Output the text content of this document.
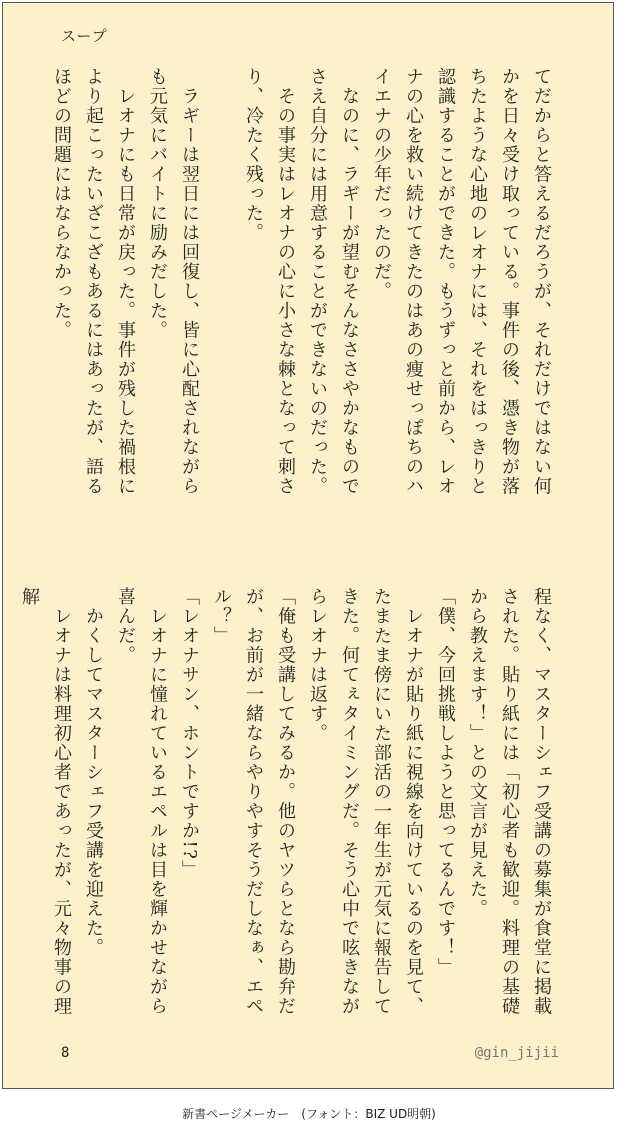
スープ

てだからと答えるだろうが、それだけではない何かを日々受け取っている。事件の後、憑き物が落ちたような心地のレオナには、それをはっきりと認識することができた。もうずっと前から、レオナの心を救い続けてきたのはあの痩せっぽちのハイエナの少年だったのだ。

　なのに、ラギーが望むそんなささやかなものでさえ自分には用意することができないのだった。

　その事実はレオナの心に小さな棘となって刺さり、冷たく残った。

　ラギーは翌日には回復し、皆に心配されながらも元気にバイトに励みだした。

　レオナにも日常が戻った。事件が残した禍根により起こったいざこざもあるにはあったが、語るほどの問題にはならなかった。

程なく、マスターシェフ受講の募集が食堂に掲載された。貼り紙には「初心者も歓迎。料理の基礎から教えます！」との文言が見えた。

「僕、今回挑戦しようと思ってるんです！」

　レオナが貼り紙に視線を向けているのを見て、たまたま傍にいた部活の一年生が元気に報告してきた。何てぇタイミングだ。そう心中で呟きながらレオナは返す。

「俺も受講してみるか。他のヤツらとなら勘弁だが、お前が一緒ならやりやすそうだしなぁ、エペル？」

「レオナサン、ホントですか!?」

　レオナに憧れているエペルは目を輝かせながら喜んだ。

　かくしてマスターシェフ受講を迎えた。

　レオナは料理初心者であったが、元々物事の理解

8	@gin_jijii
新書ページメーカー　(フォント：BIZ UD明朝)
